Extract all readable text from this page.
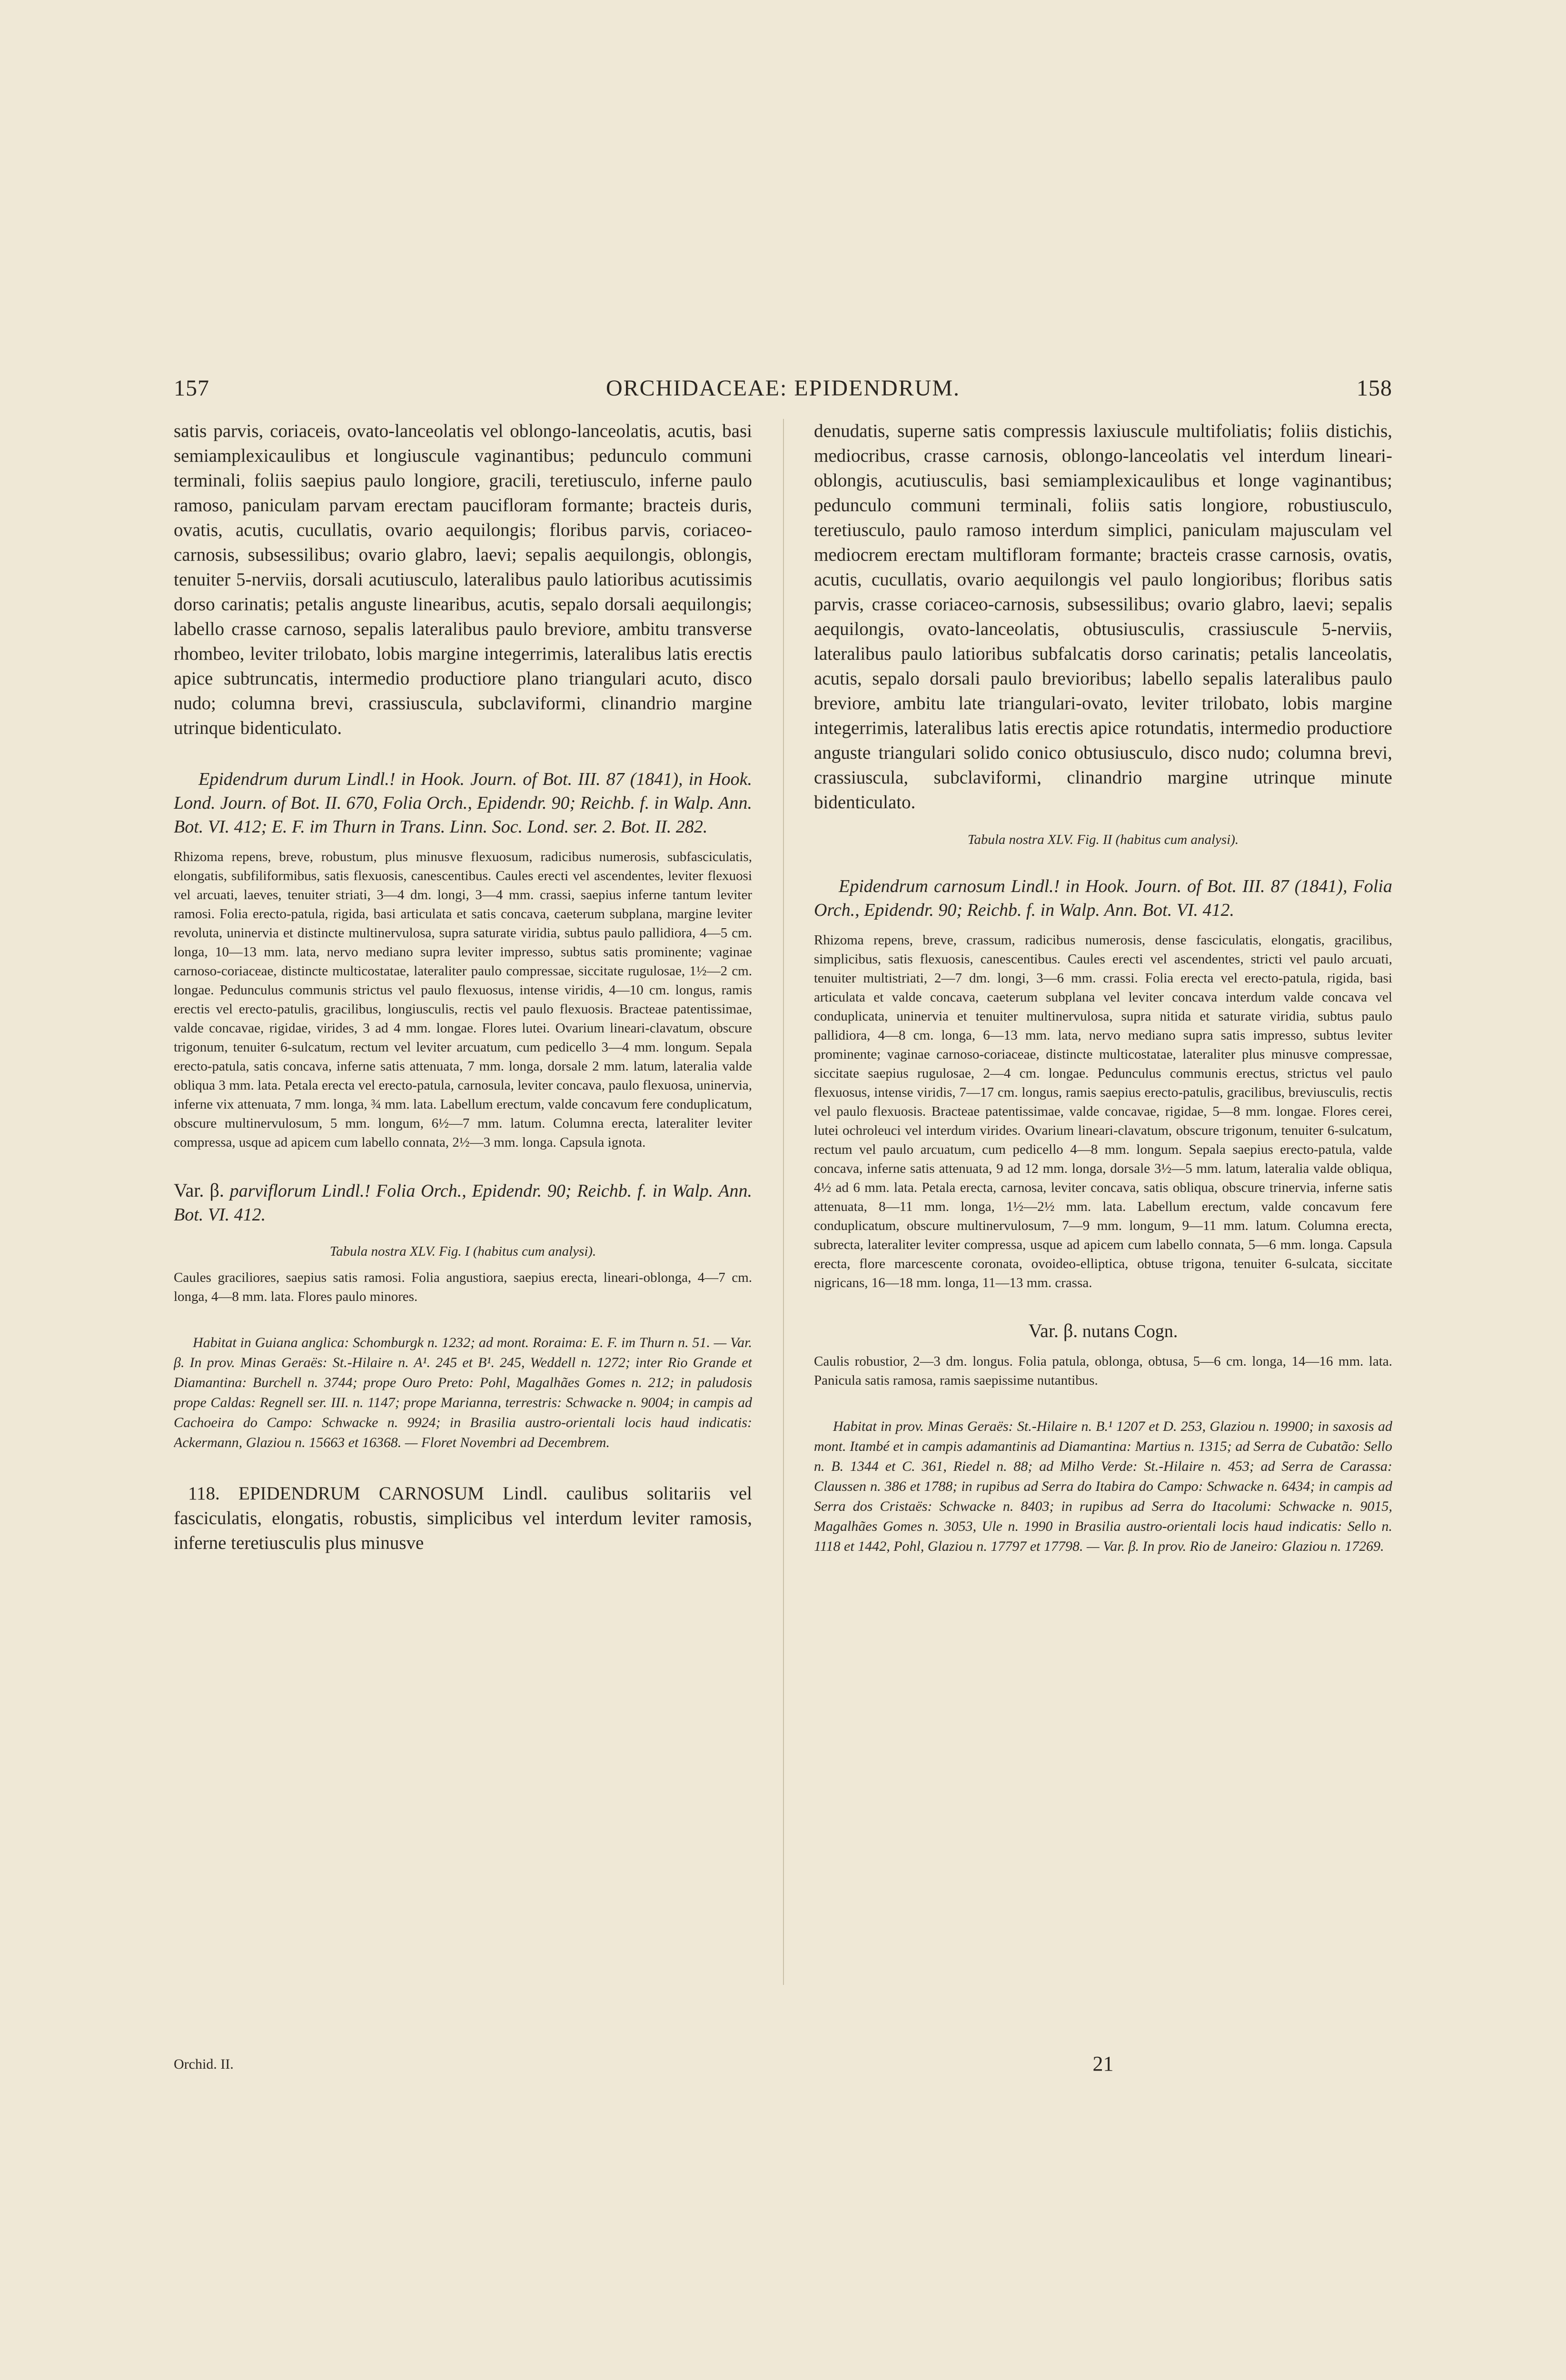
157	ORCHIDACEAE: EPIDENDRUM.	158

satis parvis, coriaceis, ovato-lanceolatis vel oblongo-lanceolatis, acutis, basi semiamplexicaulibus et longiuscule vaginantibus; pedunculo communi terminali, foliis saepius paulo longiore, gracili, teretiusculo, inferne paulo ramoso, paniculam parvam erectam paucifloram formante; bracteis duris, ovatis, acutis, cucullatis, ovario aequilongis; floribus parvis, coriaceo-carnosis, subsessilibus; ovario glabro, laevi; sepalis aequilongis, oblongis, tenuiter 5-nerviis, dorsali acutiusculo, lateralibus paulo latioribus acutissimis dorso carinatis; petalis anguste linearibus, acutis, sepalo dorsali aequilongis; labello crasse carnoso, sepalis lateralibus paulo breviore, ambitu transverse rhombeo, leviter trilobato, lobis margine integerrimis, lateralibus latis erectis apice subtruncatis, intermedio productiore plano triangulari acuto, disco nudo; columna brevi, crassiuscula, subclaviformi, clinandrio margine utrinque bidenticulato.

Epidendrum durum Lindl.! in Hook. Journ. of Bot. III. 87 (1841), in Hook. Lond. Journ. of Bot. II. 670, Folia Orch., Epidendr. 90; Reichb. f. in Walp. Ann. Bot. VI. 412; E. F. im Thurn in Trans. Linn. Soc. Lond. ser. 2. Bot. II. 282.

Rhizoma repens, breve, robustum, plus minusve flexuosum, radicibus numerosis, subfasciculatis, elongatis, subfiliformibus, satis flexuosis, canescentibus. Caules erecti vel ascendentes, leviter flexuosi vel arcuati, laeves, tenuiter striati, 3—4 dm. longi, 3—4 mm. crassi, saepius inferne tantum leviter ramosi. Folia erecto-patula, rigida, basi articulata et satis concava, caeterum subplana, margine leviter revoluta, uninervia et distincte multinervulosa, supra saturate viridia, subtus paulo pallidiora, 4—5 cm. longa, 10—13 mm. lata, nervo mediano supra leviter impresso, subtus satis prominente; vaginae carnoso-coriaceae, distincte multicostatae, lateraliter paulo compressae, siccitate rugulosae, 1½—2 cm. longae. Pedunculus communis strictus vel paulo flexuosus, intense viridis, 4—10 cm. longus, ramis erectis vel erecto-patulis, gracilibus, longiusculis, rectis vel paulo flexuosis. Bracteae patentissimae, valde concavae, rigidae, virides, 3 ad 4 mm. longae. Flores lutei. Ovarium lineari-clavatum, obscure trigonum, tenuiter 6-sulcatum, rectum vel leviter arcuatum, cum pedicello 3—4 mm. longum. Sepala erecto-patula, satis concava, inferne satis attenuata, 7 mm. longa, dorsale 2 mm. latum, lateralia valde obliqua 3 mm. lata. Petala erecta vel erecto-patula, carnosula, leviter concava, paulo flexuosa, uninervia, inferne vix attenuata, 7 mm. longa, ¾ mm. lata. Labellum erectum, valde concavum fere conduplicatum, obscure multinervulosum, 5 mm. longum, 6½—7 mm. latum. Columna erecta, lateraliter leviter compressa, usque ad apicem cum labello connata, 2½—3 mm. longa. Capsula ignota.

Var. β. parviflorum Lindl.! Folia Orch., Epidendr. 90; Reichb. f. in Walp. Ann. Bot. VI. 412.

Tabula nostra XLV. Fig. I (habitus cum analysi).

Caules graciliores, saepius satis ramosi. Folia angustiora, saepius erecta, lineari-oblonga, 4—7 cm. longa, 4—8 mm. lata. Flores paulo minores.

Habitat in Guiana anglica: Schomburgk n. 1232; ad mont. Roraima: E. F. im Thurn n. 51. — Var. β. In prov. Minas Geraës: St.-Hilaire n. A¹. 245 et B¹. 245, Weddell n. 1272; inter Rio Grande et Diamantina: Burchell n. 3744; prope Ouro Preto: Pohl, Magalhães Gomes n. 212; in paludosis prope Caldas: Regnell ser. III. n. 1147; prope Marianna, terrestris: Schwacke n. 9004; in campis ad Cachoeira do Campo: Schwacke n. 9924; in Brasilia austro-orientali locis haud indicatis: Ackermann, Glaziou n. 15663 et 16368. — Floret Novembri ad Decembrem.

118. EPIDENDRUM CARNOSUM Lindl. caulibus solitariis vel fasciculatis, elongatis, robustis, simplicibus vel interdum leviter ramosis, inferne teretiusculis plus minusve

denudatis, superne satis compressis laxiuscule multifoliatis; foliis distichis, mediocribus, crasse carnosis, oblongo-lanceolatis vel interdum lineari-oblongis, acutiusculis, basi semiamplexicaulibus et longe vaginantibus; pedunculo communi terminali, foliis satis longiore, robustiusculo, teretiusculo, paulo ramoso interdum simplici, paniculam majusculam vel mediocrem erectam multifloram formante; bracteis crasse carnosis, ovatis, acutis, cucullatis, ovario aequilongis vel paulo longioribus; floribus satis parvis, crasse coriaceo-carnosis, subsessilibus; ovario glabro, laevi; sepalis aequilongis, ovato-lanceolatis, obtusiusculis, crassiuscule 5-nerviis, lateralibus paulo latioribus subfalcatis dorso carinatis; petalis lanceolatis, acutis, sepalo dorsali paulo brevioribus; labello sepalis lateralibus paulo breviore, ambitu late triangulari-ovato, leviter trilobato, lobis margine integerrimis, lateralibus latis erectis apice rotundatis, intermedio productiore anguste triangulari solido conico obtusiusculo, disco nudo; columna brevi, crassiuscula, subclaviformi, clinandrio margine utrinque minute bidenticulato.

Tabula nostra XLV. Fig. II (habitus cum analysi).

Epidendrum carnosum Lindl.! in Hook. Journ. of Bot. III. 87 (1841), Folia Orch., Epidendr. 90; Reichb. f. in Walp. Ann. Bot. VI. 412.

Rhizoma repens, breve, crassum, radicibus numerosis, dense fasciculatis, elongatis, gracilibus, simplicibus, satis flexuosis, canescentibus. Caules erecti vel ascendentes, stricti vel paulo arcuati, tenuiter multistriati, 2—7 dm. longi, 3—6 mm. crassi. Folia erecta vel erecto-patula, rigida, basi articulata et valde concava, caeterum subplana vel leviter concava interdum valde concava vel conduplicata, uninervia et tenuiter multinervulosa, supra nitida et saturate viridia, subtus paulo pallidiora, 4—8 cm. longa, 6—13 mm. lata, nervo mediano supra satis impresso, subtus leviter prominente; vaginae carnoso-coriaceae, distincte multicostatae, lateraliter plus minusve compressae, siccitate saepius rugulosae, 2—4 cm. longae. Pedunculus communis erectus, strictus vel paulo flexuosus, intense viridis, 7—17 cm. longus, ramis saepius erecto-patulis, gracilibus, breviusculis, rectis vel paulo flexuosis. Bracteae patentissimae, valde concavae, rigidae, 5—8 mm. longae. Flores cerei, lutei ochroleuci vel interdum virides. Ovarium lineari-clavatum, obscure trigonum, tenuiter 6-sulcatum, rectum vel paulo arcuatum, cum pedicello 4—8 mm. longum. Sepala saepius erecto-patula, valde concava, inferne satis attenuata, 9 ad 12 mm. longa, dorsale 3½—5 mm. latum, lateralia valde obliqua, 4½ ad 6 mm. lata. Petala erecta, carnosa, leviter concava, satis obliqua, obscure trinervia, inferne satis attenuata, 8—11 mm. longa, 1½—2½ mm. lata. Labellum erectum, valde concavum fere conduplicatum, obscure multinervulosum, 7—9 mm. longum, 9—11 mm. latum. Columna erecta, subrecta, lateraliter leviter compressa, usque ad apicem cum labello connata, 5—6 mm. longa. Capsula erecta, flore marcescente coronata, ovoideo-elliptica, obtuse trigona, tenuiter 6-sulcata, siccitate nigricans, 16—18 mm. longa, 11—13 mm. crassa.

Var. β. nutans Cogn.

Caulis robustior, 2—3 dm. longus. Folia patula, oblonga, obtusa, 5—6 cm. longa, 14—16 mm. lata. Panicula satis ramosa, ramis saepissime nutantibus.

Habitat in prov. Minas Geraës: St.-Hilaire n. B.¹ 1207 et D. 253, Glaziou n. 19900; in saxosis ad mont. Itambé et in campis adamantinis ad Diamantina: Martius n. 1315; ad Serra de Cubatão: Sello n. B. 1344 et C. 361, Riedel n. 88; ad Milho Verde: St.-Hilaire n. 453; ad Serra de Carassa: Claussen n. 386 et 1788; in rupibus ad Serra do Itabira do Campo: Schwacke n. 6434; in campis ad Serra dos Cristaës: Schwacke n. 8403; in rupibus ad Serra do Itacolumi: Schwacke n. 9015, Magalhães Gomes n. 3053, Ule n. 1990 in Brasilia austro-orientali locis haud indicatis: Sello n. 1118 et 1442, Pohl, Glaziou n. 17797 et 17798. — Var. β. In prov. Rio de Janeiro: Glaziou n. 17269.

Orchid. II.	21
